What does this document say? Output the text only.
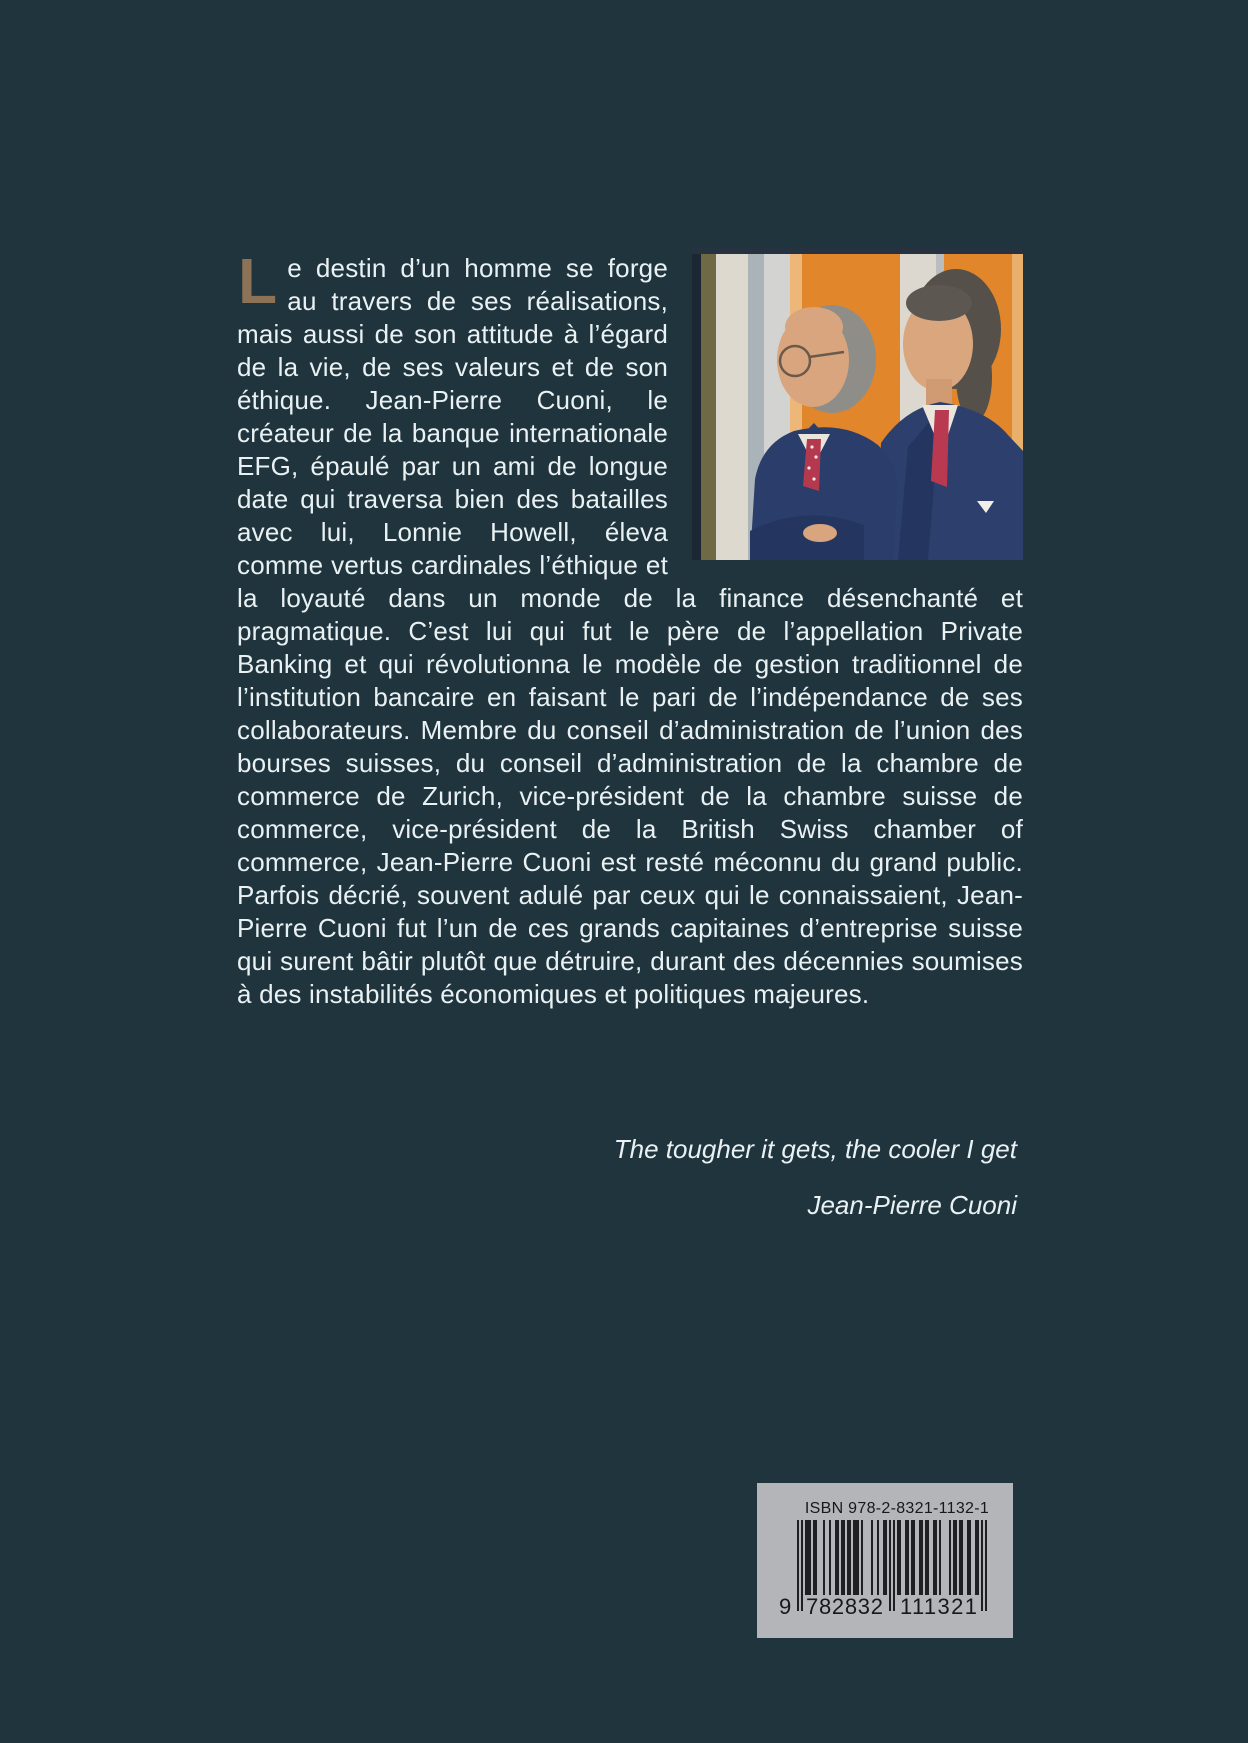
Le destin d’un homme se forge au travers de ses réalisations, mais aussi de son attitude à l’égard de la vie, de ses valeurs et de son éthique. Jean-Pierre Cuoni, le créateur de la banque internationale EFG, épaulé par un ami de longue date qui traversa bien des batailles avec lui, Lonnie Howell, éleva comme vertus cardinales l’éthique et la loyauté dans un monde de la finance désenchanté et pragmatique. C’est lui qui fut le père de l’appellation Private Banking et qui révolutionna le modèle de gestion traditionnel de l’institution bancaire en faisant le pari de l’indépendance de ses collaborateurs. Membre du conseil d’administration de l’union des bourses suisses, du conseil d’administration de la chambre de commerce de Zurich, vice-président de la chambre suisse de commerce, vice-président de la British Swiss chamber of commerce, Jean-Pierre Cuoni est resté méconnu du grand public. Parfois décrié, souvent adulé par ceux qui le connaissaient, Jean-Pierre Cuoni fut l’un de ces grands capitaines d’entreprise suisse qui surent bâtir plutôt que détruire, durant des décennies soumises à des instabilités économiques et politiques majeures.

The tougher it gets, the cooler I get
Jean-Pierre Cuoni
ISBN 978-2-8321-1132-1
9 782832 111321
